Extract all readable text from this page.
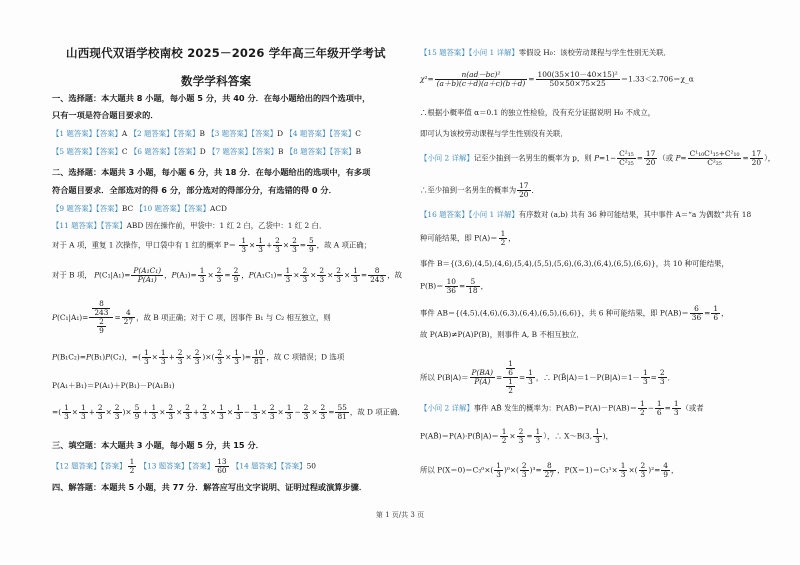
山西现代双语学校南校 2025－2026 学年高三年级开学考试
数学学科答案
一、选择题：本大题共 8 小题，每小题 5 分，共 40 分．在每小题给出的四个选项中，
只有一项是符合题目要求的．
【1 题答案】【答案】A 【2 题答案】【答案】B 【3 题答案】【答案】D 【4 题答案】【答案】C
【5 题答案】【答案】C 【6 题答案】【答案】D 【7 题答案】【答案】B 【8 题答案】【答案】B
二、选择题：本题共 3 小题，每小题 6 分，共 18 分．在每小题给出的选项中，有多项
符合题目要求．全部选对的得 6 分，部分选对的得部分分，有选错的得 0 分．
【9 题答案】【答案】BC 【10 题答案】【答案】ACD
【11 题答案】【答案】ABD 因在操作前，甲袋中：1 红 2 白，乙袋中：1 红 2 白．
对于 A 项，重复 1 次操作，甲口袋中有 1 红的概率 $P= \frac{1}{3} \times \frac{1}{3} + \frac{2}{3} \times \frac{2}{3} = \frac{5}{9}$ ，故 A 项正确；
对于 B 项， $P(C_1|A_1)= \frac{\text{P(A₁C₁)}}{\text{P(A₁)}}$ ，$P(A_1)= \frac{1}{3} \times \frac{2}{3} = \frac{2}{9}$ ，$P(A_1C_1)= \frac{1}{3} \times \frac{2}{3} \times \frac{2}{3} \times \frac{2}{3} \times \frac{1}{3} = \frac{8}{243}$ ，故
$P(C_1|A_1)= \frac{\frac{8}{243}}{\frac{2}{9}} = \frac{4}{27}$ ，故 B 项正确；对于 C 项，因事件 B₁ 与 C₂ 相互独立，则
P(B₁C₂)=P(B₁)P(C₂)，=( $\frac{1}{3} \times \frac{1}{3} + \frac{2}{3} \times \frac{2}{3}$ )×( $\frac{2}{3} \times \frac{1}{3}$ )= $\frac{10}{81}$ ，故 C 项错误；D 选项
P(A₁＋B₁)＝P(A₁)＋P(B₁)－P(A₁B₁)
=( $\frac{1}{3} \times \frac{1}{3} + \frac{2}{3} \times \frac{2}{3}$ )× $\frac{5}{9} + \frac{1}{3} \times \frac{2}{3} \times \frac{2}{3} + \frac{2}{3} \times \frac{1}{3} \times \frac{1}{3} - \frac{1}{3} \times \frac{2}{3} \times \frac{1}{3} - \frac{2}{3} \times \frac{2}{3} = \frac{55}{81}$ ，故 D 项正确．
三、填空题：本大题共 3 小题，每小题 5 分，共 15 分．
【12 题答案】【答案】 $\frac{1}{2}$ 【13 题答案】【答案】 $\frac{13}{60}$ 【14 题答案】【答案】50
四、解答题：本题共 5 小题，共 77 分．解答应写出文字说明、证明过程或演算步骤．
【15 题答案】【小问 1 详解】零假设 H₀：该校劳动课程与学生性别无关联．
$\chi^2= \frac{\text{n(ad－bc)²}}{(a+b)(c+d)(a+c)(b+d)} = \frac{\text{100(35×10－40×15)²}}{50\times 50\times 75\times 25}$ ＝1.33＜2.706＝χ_α
∴根据小概率值 α＝0.1 的独立性检验，没有充分证据说明 H₀ 不成立，
即可认为该校劳动课程与学生性别没有关联．
【小问 2 详解】记至少抽到一名男生的概率为 p，则 $P=1- \frac{\text{C²₁₅}}{\text{C²₂₅}} = \frac{17}{20}$ （或 $P= \frac{\text{C¹₁₀C¹₁₅+C²₁₀}}{\text{C²₂₅}} = \frac{17}{20}$ ），
∴至少抽到一名男生的概率为 $\frac{17}{20}$ ．
【16 题答案】【小问 1 详解】有序数对 (a,b) 共有 36 种可能结果，其中事件 A＝“a 为偶数”共有 18
种可能结果，即 $P(A)= \frac{1}{2}$ ，
事件 B＝{(3,6),(4,5),(4,6),(5,4),(5,5),(5,6),(6,3),(6,4),(6,5),(6,6)}，共 10 种可能结果，
$P(B)= \frac{10}{36} = \frac{5}{18}$ ，
事件 AB＝{(4,5),(4,6),(6,3),(6,4),(6,5),(6,6)}，共 6 种可能结果，即 $P(AB)= \frac{6}{36} = \frac{1}{6}$ ，
故 P(AB)≠P(A)P(B)，则事件 A, B 不相互独立．
所以 $P(B|A)= \frac{P(BA)}{P(A)} = \frac{\frac{1}{6}}{\frac{1}{2}} = \frac{1}{3}$ ，∴ P(B̄|A)＝1－P(B|A)＝1－ $\frac{1}{3} = \frac{2}{3}$ ．
【小问 2 详解】事件 AB̄ 发生的概率为：P(AB̄)＝P(A)－P(AB)＝ $\frac{1}{2} - \frac{1}{6} = \frac{1}{3}$ （或者
P(AB̄)＝P(A)·P(B̄|A)＝ $\frac{1}{2} \times \frac{2}{3} = \frac{1}{3}$ ），∴ X～B(3, $\frac{1}{3}$ )，
所以 $P(X=0)=C_3^0\times( \frac{1}{3} )^0\times( \frac{2}{3} )^3= \frac{8}{27}$ ，$P(X=1)=C_3^1\times \frac{1}{3}$ ×( $\frac{2}{3} )^2= \frac{4}{9}$ ，
第 1 页/共 3 页
